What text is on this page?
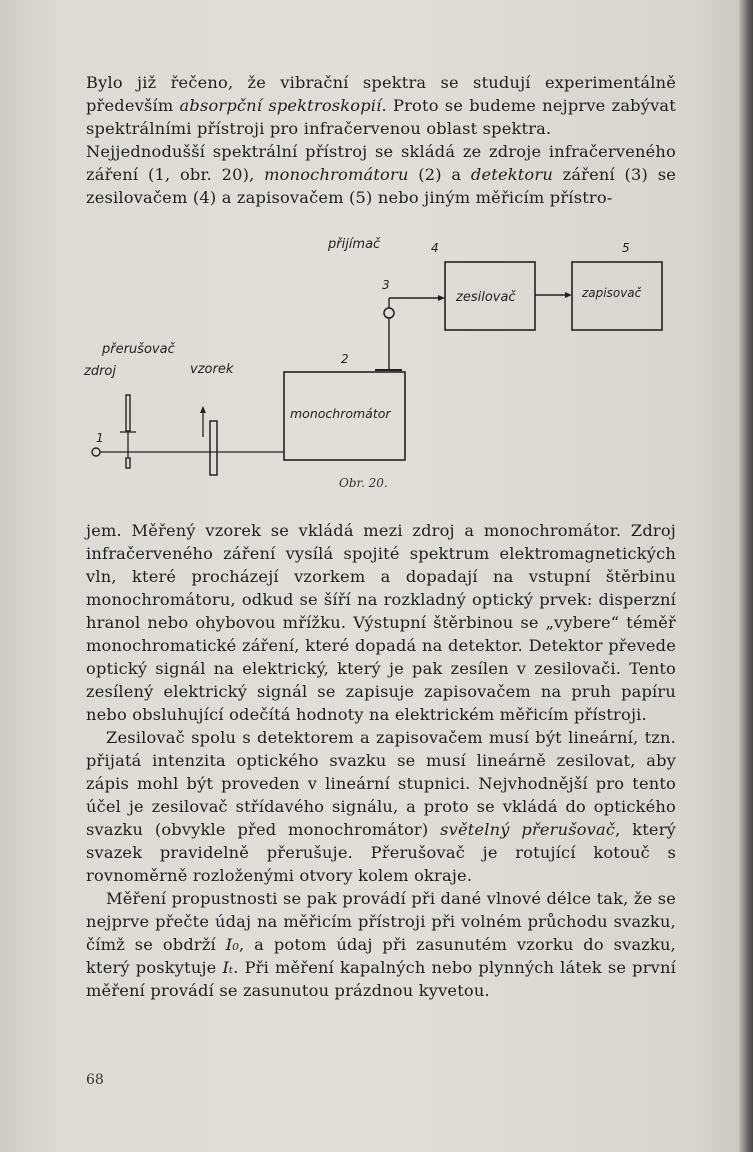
Bylo již řečeno, že vibrační spektra se studují experimentálně především absorpční spektroskopií. Proto se budeme nejprve zabývat spektrálními přístroji pro infračervenou oblast spektra.

Nejjednodušší spektrální přístroj se skládá ze zdroje infračerveného záření (1, obr. 20), monochromátoru (2) a detektoru záření (3) se zesilovačem (4) a zapisovačem (5) nebo jiným měřicím přístro-

přijímač	4	5
zesilovač	zapisovač
3
2
monochromátor
přerušovač
zdroj	vzorek
1
Obr. 20.

jem. Měřený vzorek se vkládá mezi zdroj a monochromátor. Zdroj infračerveného záření vysílá spojité spektrum elektromagnetických vln, které procházejí vzorkem a dopadají na vstupní štěrbinu monochromátoru, odkud se šíří na rozkladný optický prvek: disperzní hranol nebo ohybovou mřížku. Výstupní štěrbinou se „vybere“ téměř monochromatické záření, které dopadá na detektor. Detektor převede optický signál na elektrický, který je pak zesílen v zesilovači. Tento zesílený elektrický signál se zapisuje zapisovačem na pruh papíru nebo obsluhující odečítá hodnoty na elektrickém měřicím přístroji.

Zesilovač spolu s detektorem a zapisovačem musí být lineární, tzn. přijatá intenzita optického svazku se musí lineárně zesilovat, aby zápis mohl být proveden v lineární stupnici. Nejvhodnější pro tento účel je zesilovač střídavého signálu, a proto se vkládá do optického svazku (obvykle před monochromátor) světelný přerušovač, který svazek pravidelně přerušuje. Přerušovač je rotující kotouč s rovnoměrně rozloženými otvory kolem okraje.

Měření propustnosti se pak provádí při dané vlnové délce tak, že se nejprve přečte údaj na měřicím přístroji při volném průchodu svazku, čímž se obdrží I₀, a potom údaj při zasunutém vzorku do svazku, který poskytuje Iₜ. Při měření kapalných nebo plynných látek se první měření provádí se zasunutou prázdnou kyvetou.

68
